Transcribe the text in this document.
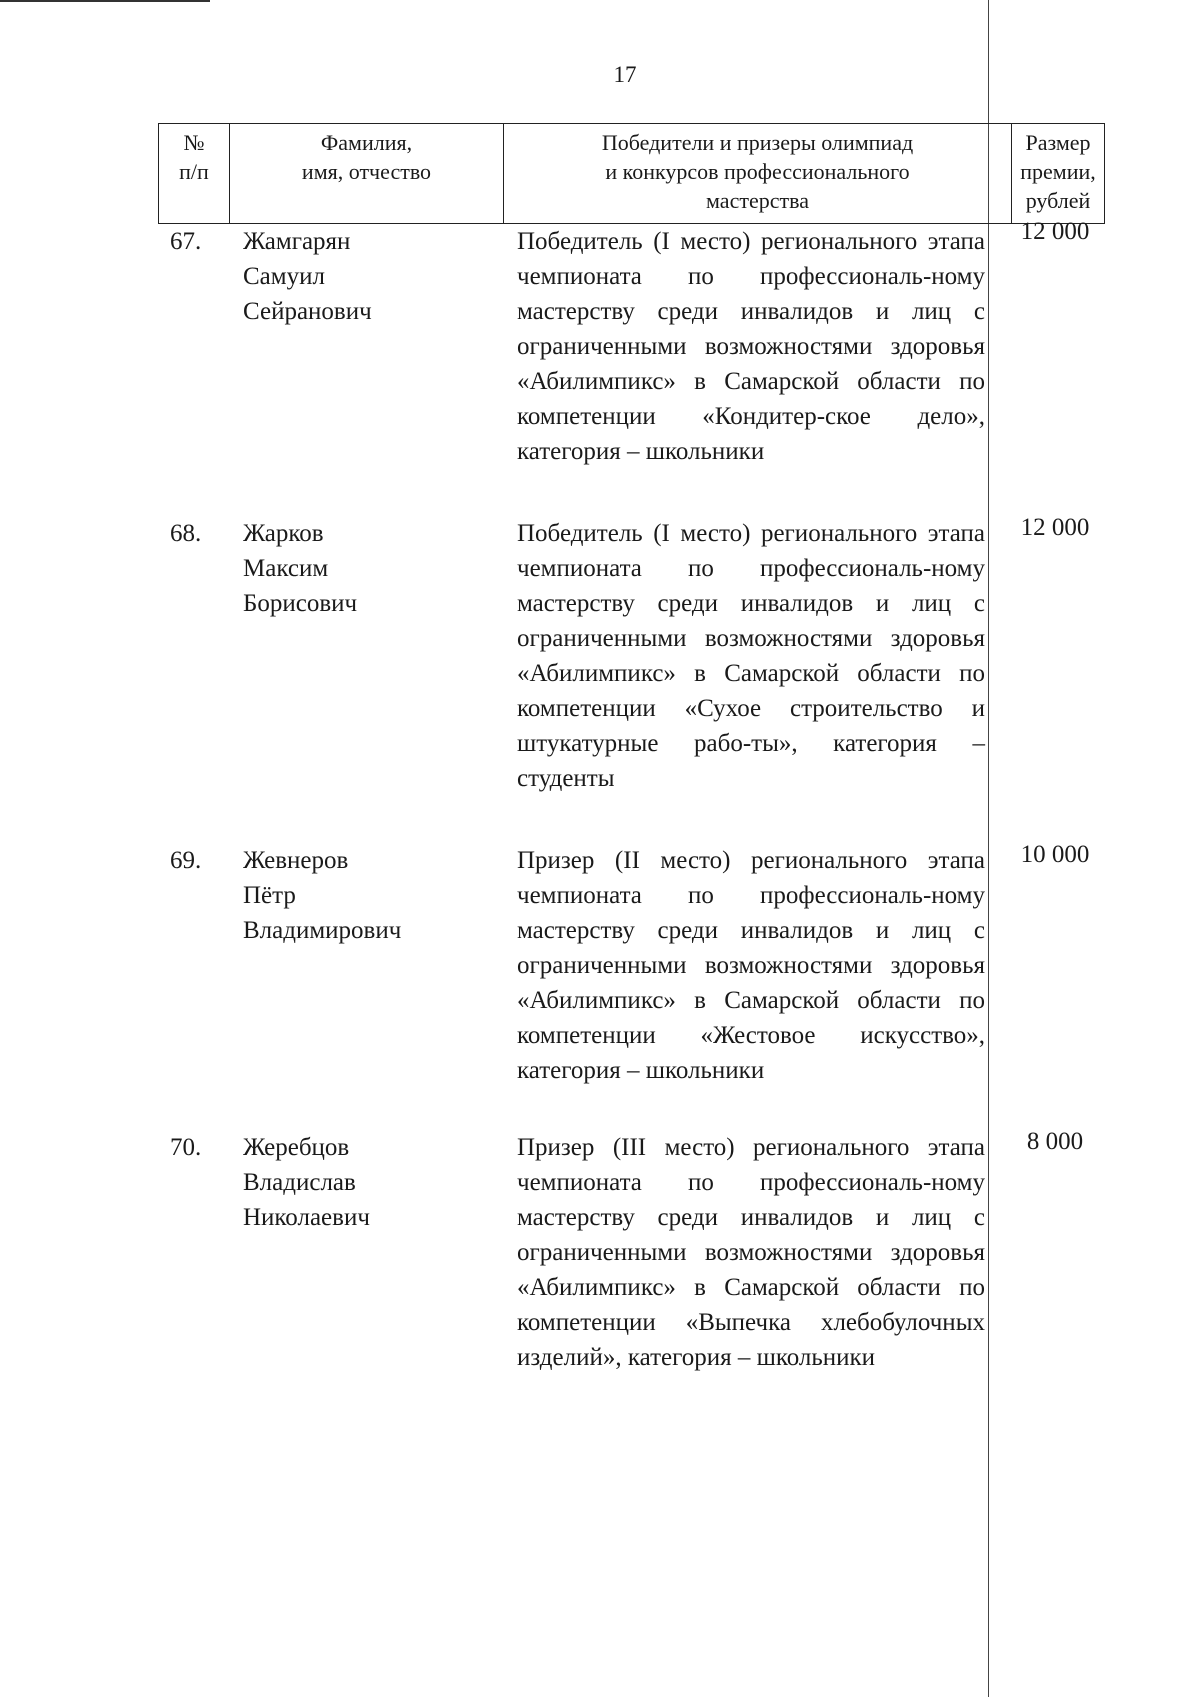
17
№
п/п
Фамилия,
имя, отчество
Победители и призеры олимпиад
и конкурсов профессионального
мастерства
Размер
премии,
рублей
67. Жамгарян
Самуил
Сейранович
Победитель (I место) регионального этапа чемпионата по профессиональ-ному мастерству среди инвалидов и лиц с ограниченными возможностями здоровья «Абилимпикс» в Самарской области по компетенции «Кондитер-ское дело», категория – школьники
12 000
68. Жарков
Максим
Борисович
Победитель (I место) регионального этапа чемпионата по профессиональ-ному мастерству среди инвалидов и лиц с ограниченными возможностями здоровья «Абилимпикс» в Самарской области по компетенции «Сухое строительство и штукатурные рабо-ты», категория – студенты
12 000
69. Жевнеров
Пётр
Владимирович
Призер (II место) регионального этапа чемпионата по профессиональ-ному мастерству среди инвалидов и лиц с ограниченными возможностями здоровья «Абилимпикс» в Самарской области по компетенции «Жестовое искусство», категория – школьники
10 000
70. Жеребцов
Владислав
Николаевич
Призер (III место) регионального этапа чемпионата по профессиональ-ному мастерству среди инвалидов и лиц с ограниченными возможностями здоровья «Абилимпикс» в Самарской области по компетенции «Выпечка хлебобулочных изделий», категория – школьники
8 000
